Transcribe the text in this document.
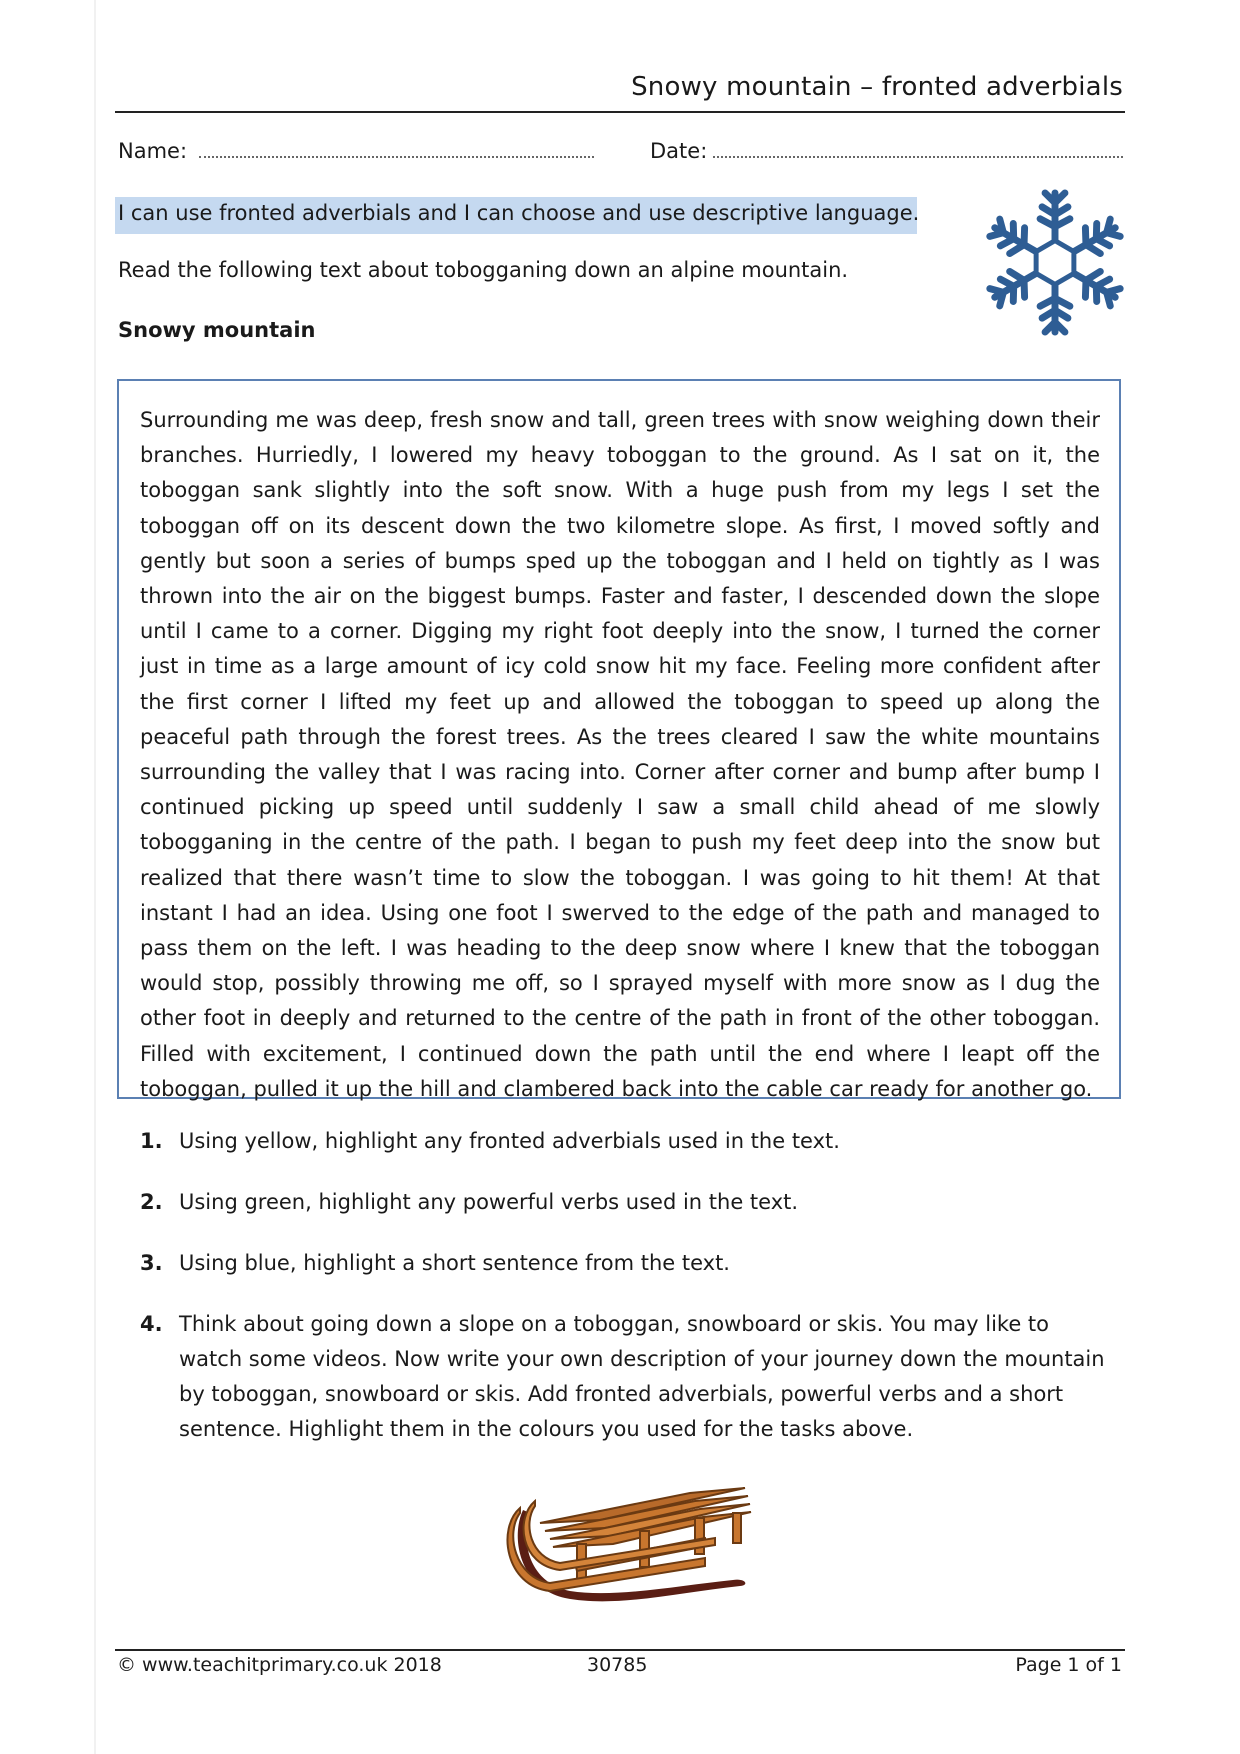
Snowy mountain – fronted adverbials
Name:	Date:
I can use fronted adverbials and I can choose and use descriptive language.
Read the following text about tobogganing down an alpine mountain.
Snowy mountain

Surrounding me was deep, fresh snow and tall, green trees with snow weighing down their branches. Hurriedly, I lowered my heavy toboggan to the ground. As I sat on it, the toboggan sank slightly into the soft snow. With a huge push from my legs I set the toboggan off on its descent down the two kilometre slope. As first, I moved softly and gently but soon a series of bumps sped up the toboggan and I held on tightly as I was thrown into the air on the biggest bumps. Faster and faster, I descended down the slope until I came to a corner. Digging my right foot deeply into the snow, I turned the corner just in time as a large amount of icy cold snow hit my face. Feeling more confident after the first corner I lifted my feet up and allowed the toboggan to speed up along the peaceful path through the forest trees. As the trees cleared I saw the white mountains surrounding the valley that I was racing into. Corner after corner and bump after bump I continued picking up speed until suddenly I saw a small child ahead of me slowly tobogganing in the centre of the path. I began to push my feet deep into the snow but realized that there wasn’t time to slow the toboggan. I was going to hit them! At that instant I had an idea. Using one foot I swerved to the edge of the path and managed to pass them on the left. I was heading to the deep snow where I knew that the toboggan would stop, possibly throwing me off, so I sprayed myself with more snow as I dug the other foot in deeply and returned to the centre of the path in front of the other toboggan. Filled with excitement, I continued down the path until the end where I leapt off the toboggan, pulled it up the hill and clambered back into the cable car ready for another go.

1. Using yellow, highlight any fronted adverbials used in the text.
2. Using green, highlight any powerful verbs used in the text.
3. Using blue, highlight a short sentence from the text.
4. Think about going down a slope on a toboggan, snowboard or skis. You may like to watch some videos. Now write your own description of your journey down the mountain by toboggan, snowboard or skis. Add fronted adverbials, powerful verbs and a short sentence. Highlight them in the colours you used for the tasks above.
© www.teachitprimary.co.uk 2018	30785	Page 1 of 1
